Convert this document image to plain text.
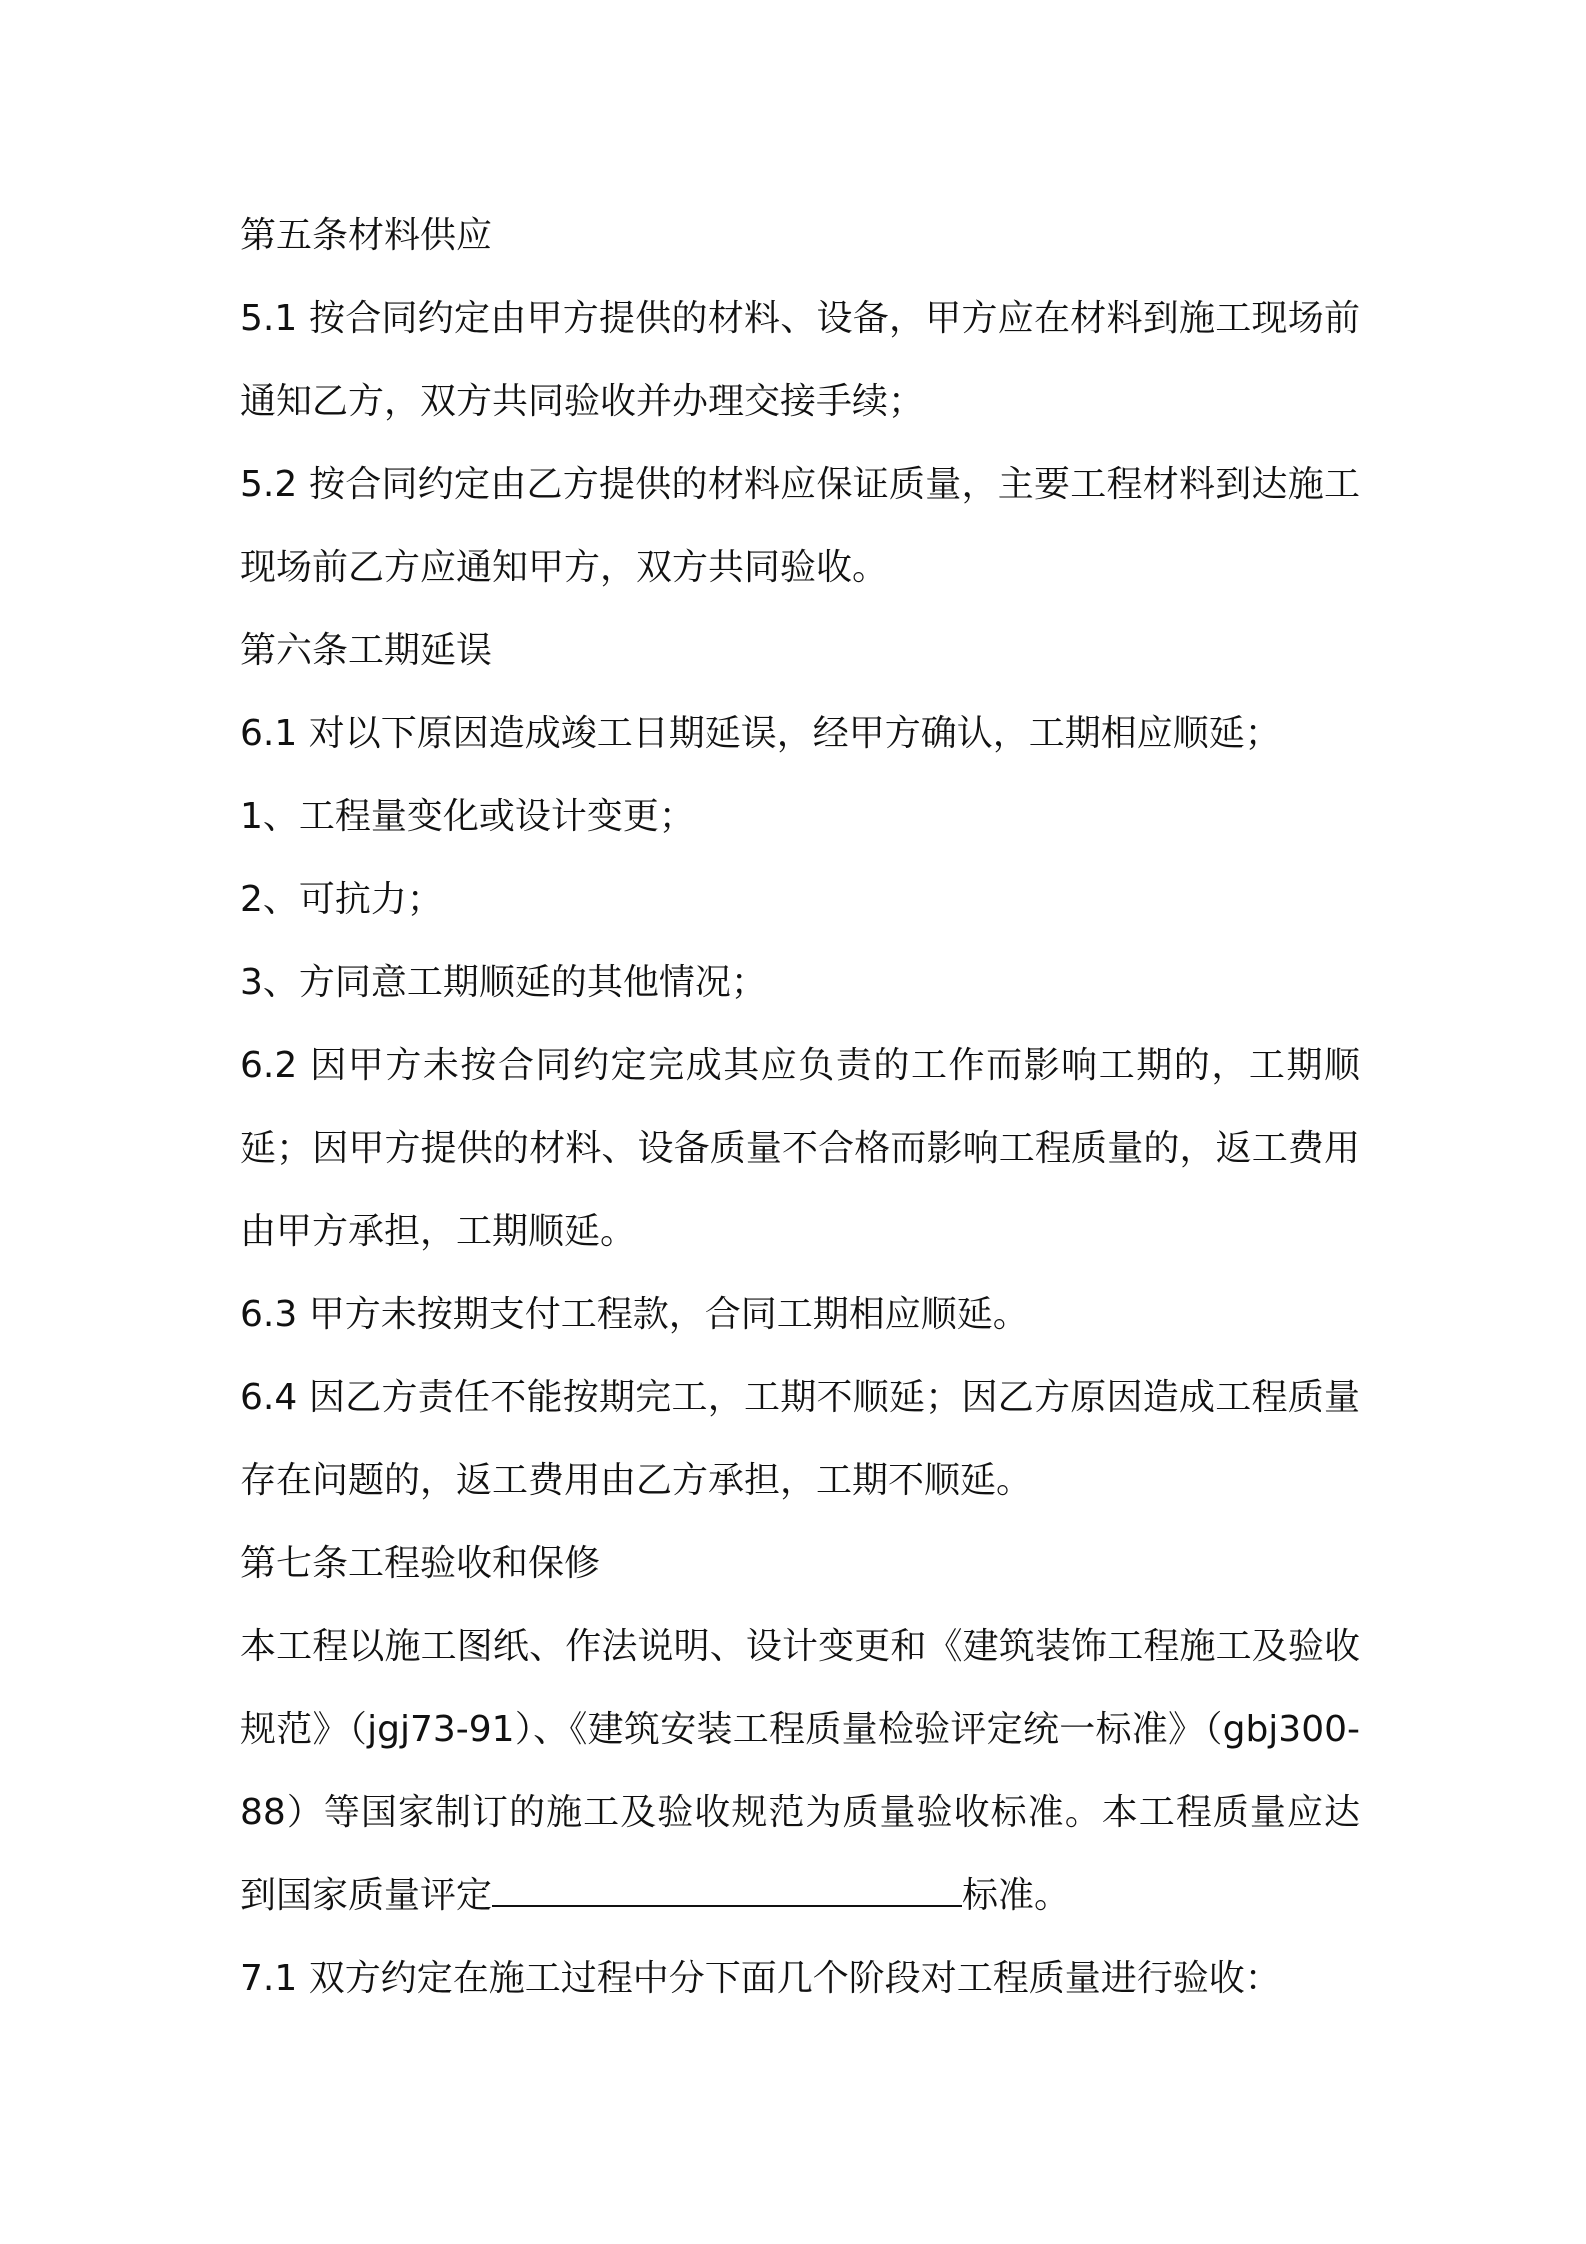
第五条材料供应

5.1 按合同约定由甲方提供的材料、设备，甲方应在材料到施工现场前通知乙方，双方共同验收并办理交接手续；

5.2 按合同约定由乙方提供的材料应保证质量，主要工程材料到达施工现场前乙方应通知甲方，双方共同验收。

第六条工期延误

6.1 对以下原因造成竣工日期延误，经甲方确认，工期相应顺延；

1、工程量变化或设计变更；

2、可抗力；

3、方同意工期顺延的其他情况；

6.2 因甲方未按合同约定完成其应负责的工作而影响工期的，工期顺延；因甲方提供的材料、设备质量不合格而影响工程质量的，返工费用由甲方承担，工期顺延。

6.3 甲方未按期支付工程款，合同工期相应顺延。

6.4 因乙方责任不能按期完工，工期不顺延；因乙方原因造成工程质量存在问题的，返工费用由乙方承担，工期不顺延。

第七条工程验收和保修

本工程以施工图纸、作法说明、设计变更和《建筑装饰工程施工及验收规范》（jgj73-91）、《建筑安装工程质量检验评定统一标准》（gbj300-88）等国家制订的施工及验收规范为质量验收标准。本工程质量应达到国家质量评定	标准。

7.1 双方约定在施工过程中分下面几个阶段对工程质量进行验收：
